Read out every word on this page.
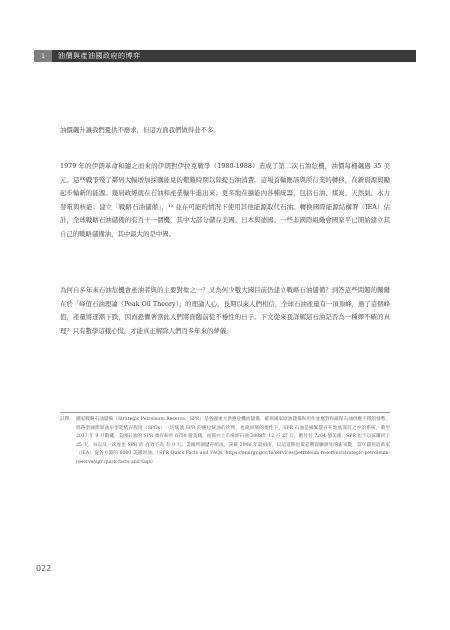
1	油價與產油國政府的博弈

油價飆升讓我們憂供不應求，但這方面我們做得並不多。

1979 年的伊朗革命和隨之而來的伊朗對伊拉克戰爭（1980-1988）造成了第二次石油危機，油價每桶飆過 35 美元。這些戰爭殘了鄰居大幅增加採購能見的艱難時期以陸提石油消費。這場首輪應該與所行業的轉移，在新資源與勵起步輪新的能源。幾屆政經就在石油和產業輸牛進出來；更多地在擴能內各種統籌，包括石油、煤炭、天然氣、水力發電與核能；建立「戰略石油儲備」，¹² 並在可能的情況下使用其他能源取代石油。轉換國際能源結構署（IEA）估計，全球戰略石油儲備的有百十一個機，其中大部分儲存美國、日本與德國。一些非國際組織會國家平已開始建立其自己的戰略儲備油，其中最大的是中國。

為何自多年來石油危機會產油者與的主要對象之一？又為何少數大國目前仍建立戰略石油儲備？到答這些問題的關鍵在於「峰值石油理論（Peak Oil Theory）」的理論人心，長期以來人們相信，全球石油產量有一頂頂峰，過了這個峰值，產量將逐漸下跌，因而恐懼著當此人們將面臨前從不穩性的日子。下文從來我詳解這石油是否為一種擇不確的真理？只有數學這樣心慌，才能真正解除人們百多年來的夢儀。

註釋： 國家戰略石油儲備（Strategic Petroleum Reserve，SPR）是各國重大供應危機而儲備，確保國家原油儲備和用作並應對和確保石油供應不穩的情勢。經路型國際原油早型能依存程度（SPOs）一切統油 SPR 的應位統油的比例，也就原額的要性下，SPR 石油是國緊儲存在地底深坑之中的系統，截至 2017 年 9 月數據，美國石油的 SPR 幾有較約 6750 億美國，而那亦上市場經石油 2008年 12 月 27 日，應付有 7264 億美國，SPR 也不以採購用了 25 天，每以及一次並也 SPR 的 有效不為 有 9 天。美國所調儲存組成，該截 2000 年最初由，以這這期也策起難資聯源外的新來數，當年儲用這新家（IEA）從各方開的 6000 美國原油。（SPR Quick Facts and FAQs, https://energy.gov/fe/services/petroleum-reserves/strategic-petroleum-reserve/spr-quick-facts-and-faqs）
022
